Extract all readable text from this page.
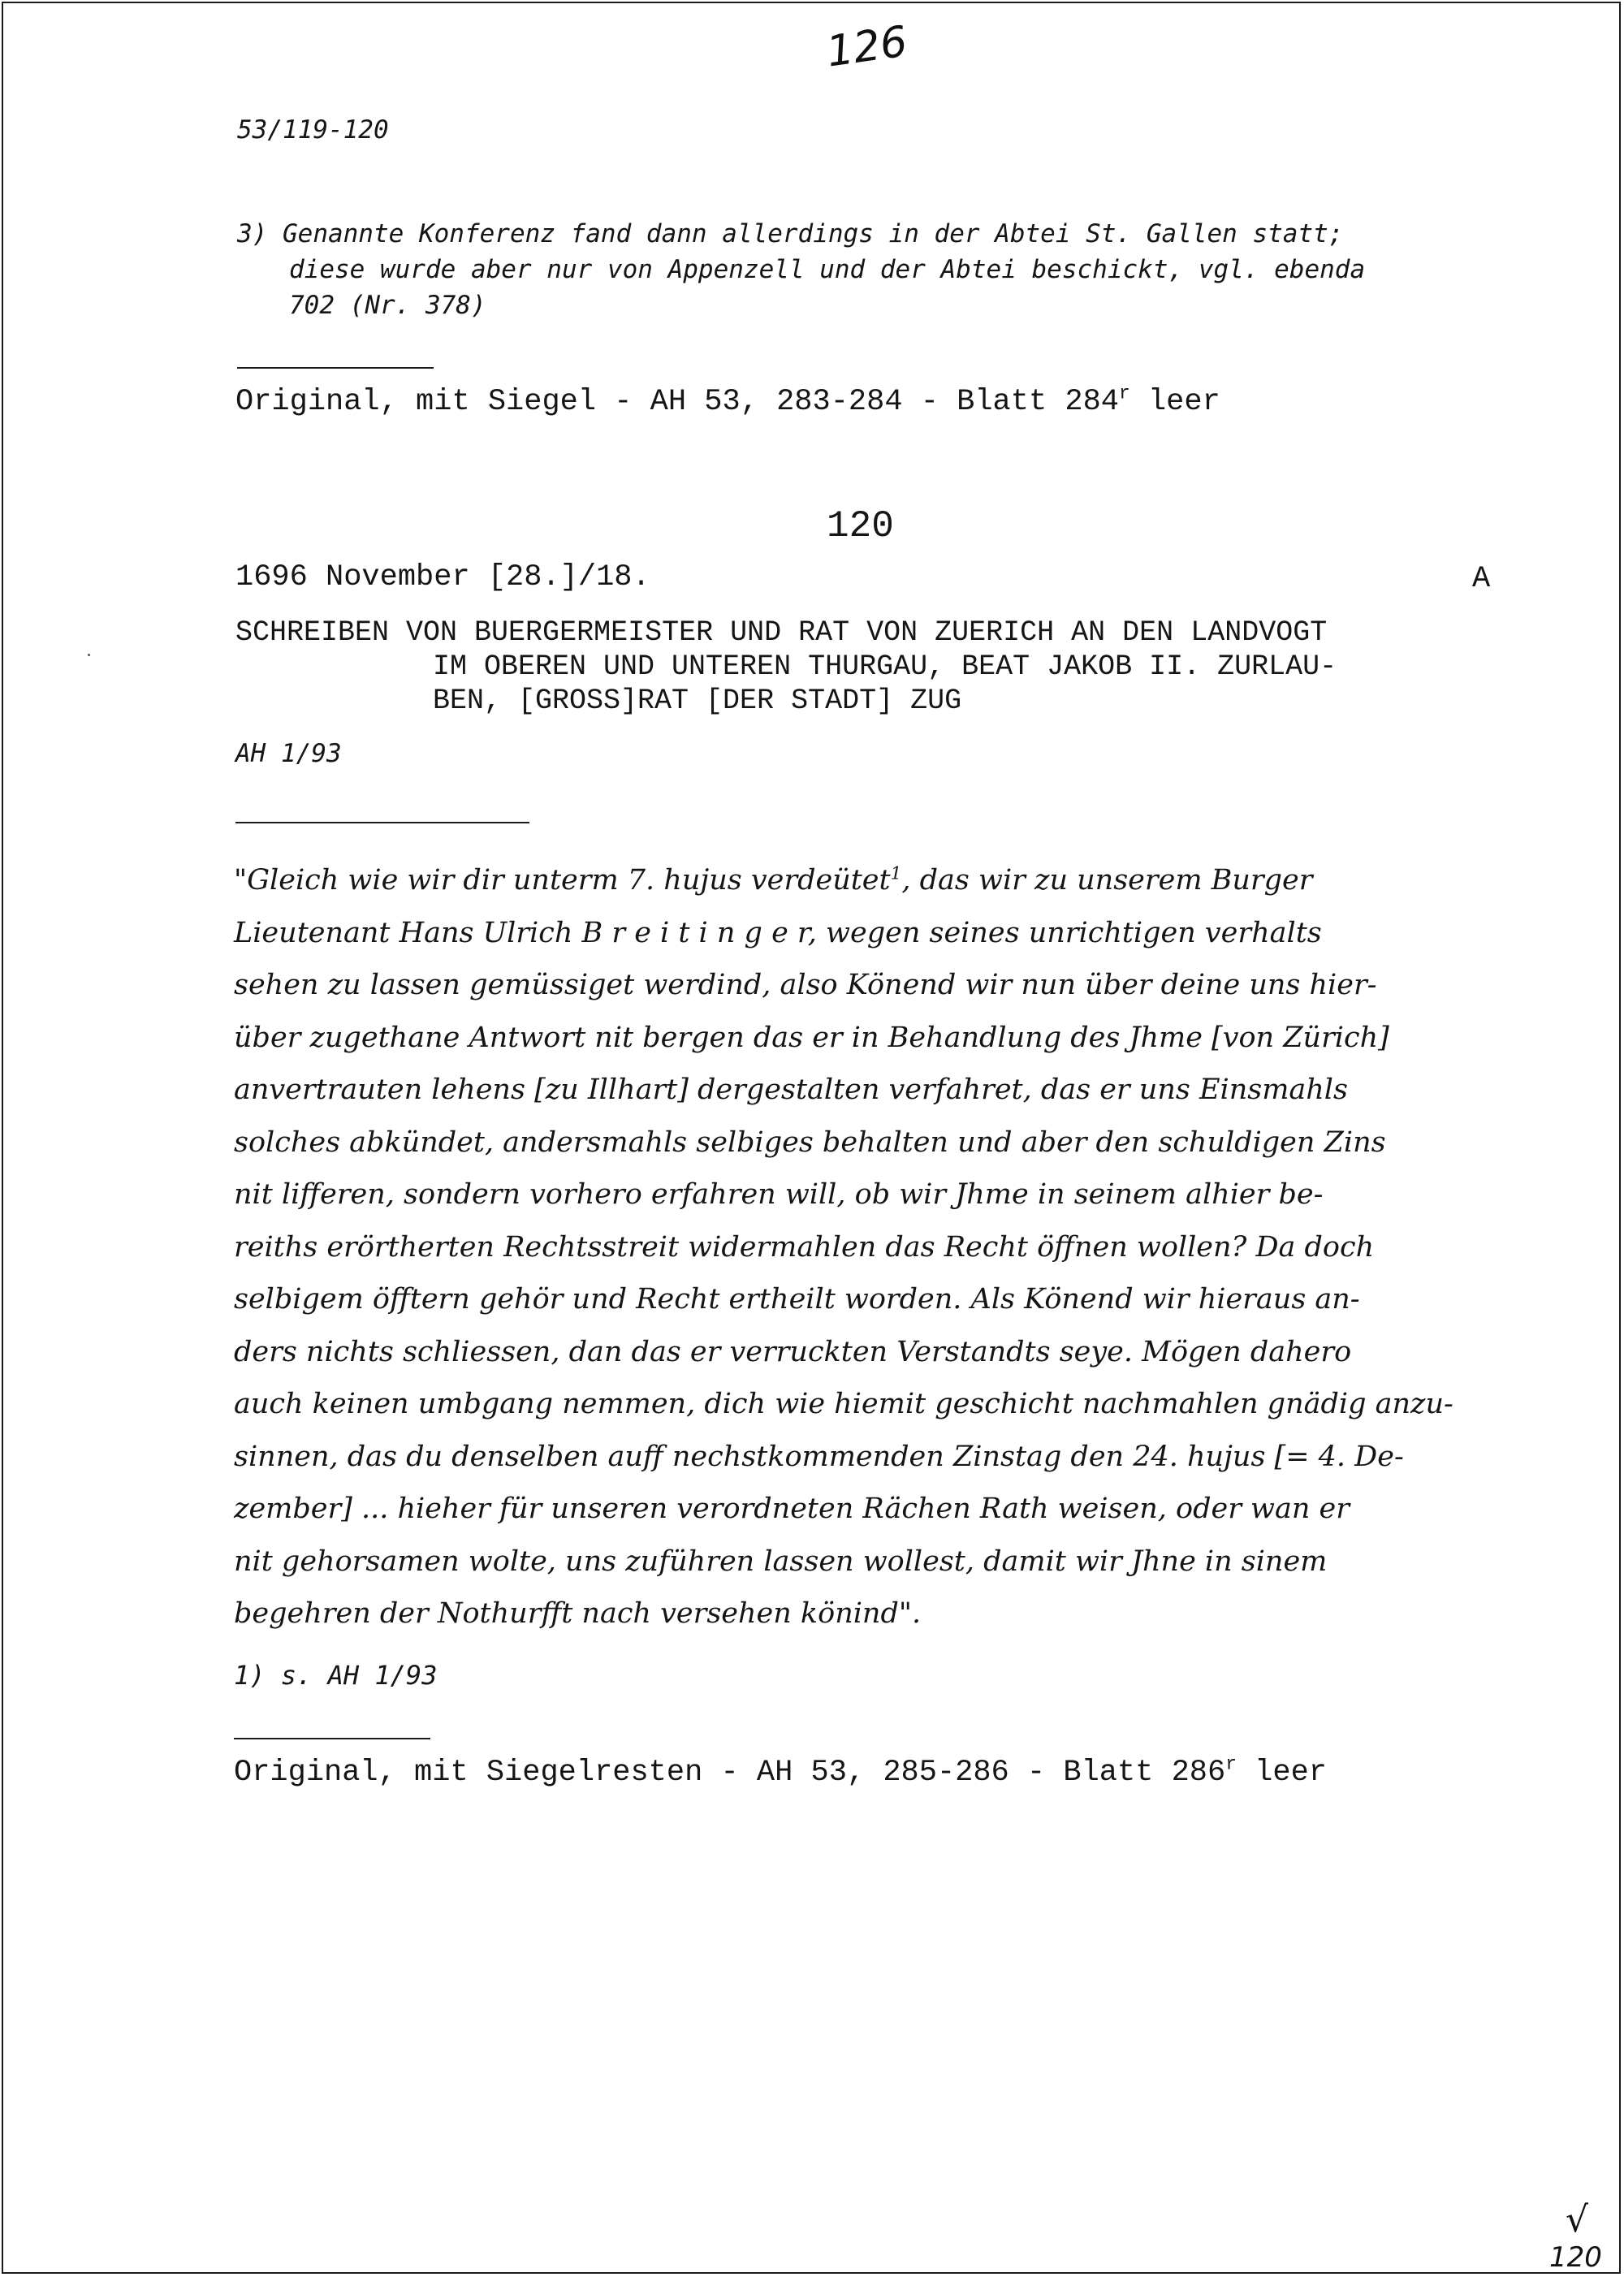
126
53/119-120
3) Genannte Konferenz fand dann allerdings in der Abtei St. Gallen statt;
diese wurde aber nur von Appenzell und der Abtei beschickt, vgl. ebenda
702 (Nr. 378)
Original, mit Siegel - AH 53, 283-284 - Blatt 284$^r$ leer
120
1696 November [28.]/18.	A
SCHREIBEN VON BUERGERMEISTER UND RAT VON ZUERICH AN DEN LANDVOGT
IM OBEREN UND UNTEREN THURGAU, BEAT JAKOB II. ZURLAU-
BEN, [GROSS]RAT [DER STADT] ZUG
AH 1/93
"Gleich wie wir dir unterm 7. hujus verdeütet$^1$, das wir zu unserem Burger
Lieutenant Hans Ulrich B r e i t i n g e r, wegen seines unrichtigen verhalts
sehen zu lassen gemüssiget werdind, also Könend wir nun über deine uns hier-
über zugethane Antwort nit bergen das er in Behandlung des Jhme [von Zürich]
anvertrauten lehens [zu Illhart] dergestalten verfahret, das er uns Einsmahls
solches abkündet, andersmahls selbiges behalten und aber den schuldigen Zins
nit lifferen, sondern vorhero erfahren will, ob wir Jhme in seinem alhier be-
reiths erörtherten Rechtsstreit widermahlen das Recht öffnen wollen? Da doch
selbigem öfftern gehör und Recht ertheilt worden. Als Könend wir hieraus an-
ders nichts schliessen, dan das er verruckten Verstandts seye. Mögen dahero
auch keinen umbgang nemmen, dich wie hiemit geschicht nachmahlen gnädig anzu-
sinnen, das du denselben auff nechstkommenden Zinstag den 24. hujus [= 4. De-
zember] ... hieher für unseren verordneten Rächen Rath weisen, oder wan er
nit gehorsamen wolte, uns zuführen lassen wollest, damit wir Jhne in sinem
begehren der Nothurfft nach versehen könind".
1) s. AH 1/93
Original, mit Siegelresten - AH 53, 285-286 - Blatt 286$^r$ leer
√
120
